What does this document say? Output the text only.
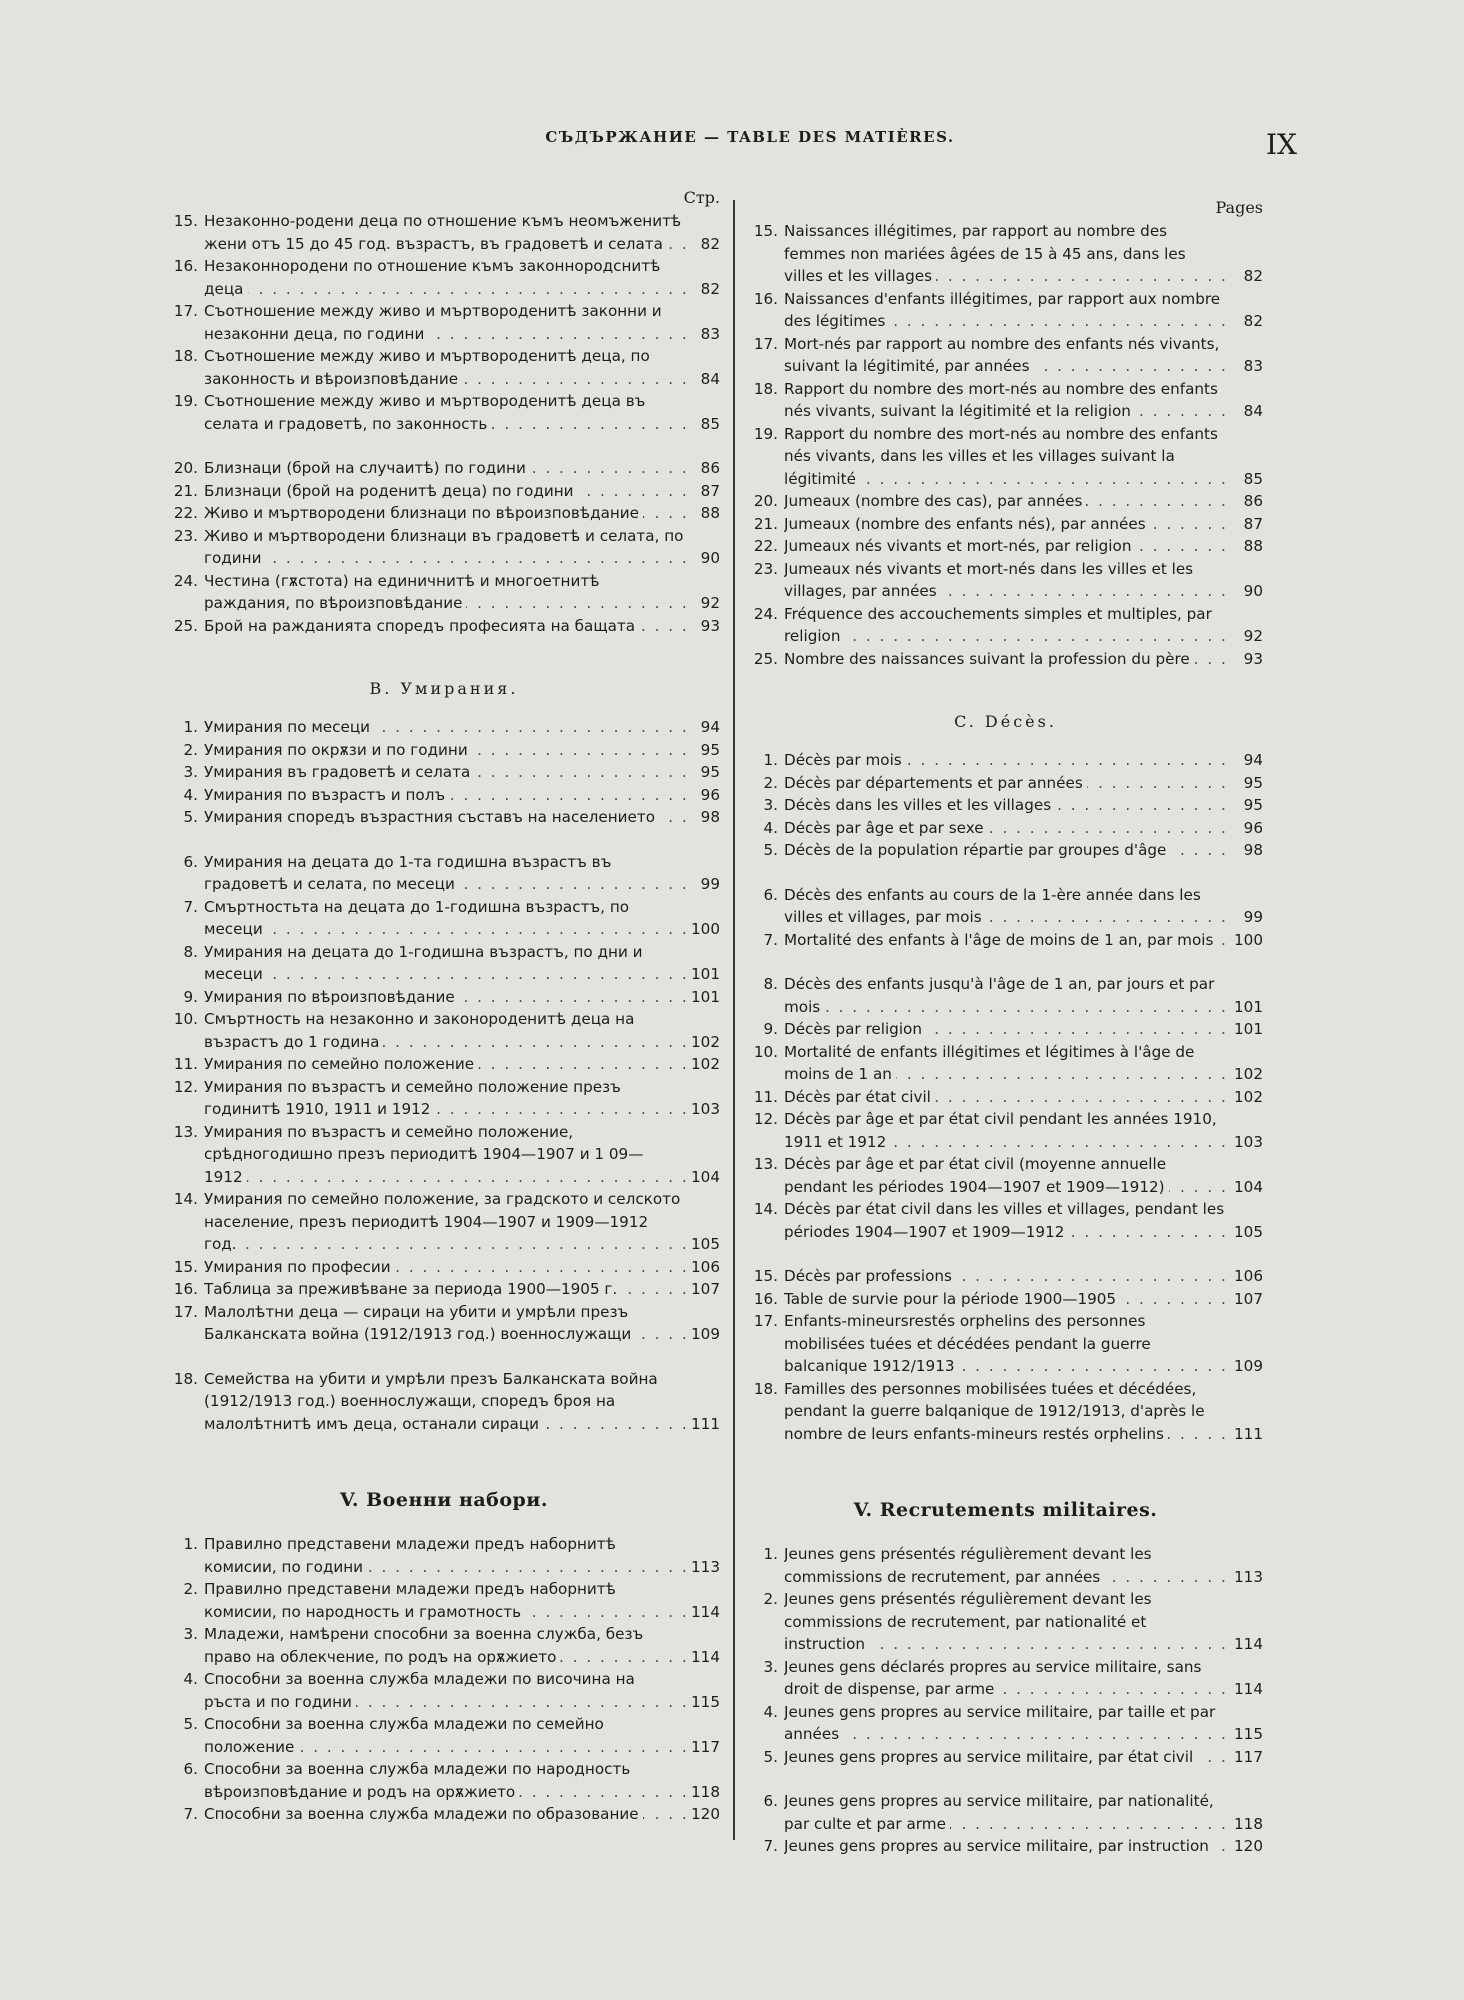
СЪДЪРЖАНИЕ — TABLE DES MATIÈRES.	IX
Стр.
15. Незаконно-родени деца по отношение къмъ неомъженитѣ жени отъ 15 до 45 год. възрастъ, въ градоветѣ и селата . . .	82
16. Незаконнородени по отношение къмъ законнородснитѣ деца . . .	82
17. Съотношение между живо и мъртвороденитѣ законни и незаконни деца, по години . . .	83
18. Съотношение между живо и мъртвороденитѣ деца, по законность и вѣроизповѣдание . . .	84
19. Съотношение между живо и мъртвороденитѣ деца въ селата и градоветѣ, по законность . . .	85
20. Близнаци (брой на случаитѣ) по години . . .	86
21. Близнаци (брой на роденитѣ деца) по години . . .	87
22. Живо и мъртвородени близнаци по вѣроизповѣдание . . .	88
23. Живо и мъртвородени близнаци въ градоветѣ и селата, по години . . .	90
24. Честина (гѫстота) на единичнитѣ и многоетнитѣ раждания, по вѣроизповѣдание . . .	92
25. Брой на ражданията споредъ професията на бащата . . .	93
В. Умирания.
1. Умирания по месеци . . .	94
2. Умирания по окрѫзи и по години . . .	95
3. Умирания въ градоветѣ и селата . . .	95
4. Умирания по възрастъ и полъ . . .	96
5. Умирания споредъ възрастния съставъ на населението . . .	98
6. Умирания на децата до 1-та годишна възрастъ въ градоветѣ и селата, по месеци . . .	99
7. Смъртностьта на децата до 1-годишна възрастъ, по месеци . . .	100
8. Умирания на децата до 1-годишна възрастъ, по дни и месеци . . .	101
9. Умирания по вѣроизповѣдание . . .	101
10. Смъртность на незаконно и законороденитѣ деца на възрастъ до 1 година . . .	102
11. Умирания по семейно положение . . .	102
12. Умирания по възрастъ и семейно положение презъ годинитѣ 1910, 1911 и 1912 . . .	103
13. Умирания по възрастъ и семейно положение, срѣдногодишно презъ периодитѣ 1904—1907 и 1 09—1912 . . .	104
14. Умирания по семейно положение, за градското и селското население, презъ периодитѣ 1904—1907 и 1909—1912 год. . . .	105
15. Умирания по професии . . .	106
16. Таблица за преживѣване за периода 1900—1905 г. . . .	107
17. Малолѣтни деца — сираци на убити и умрѣли презъ Балканската война (1912/1913 год.) военнослужащи . . .	109
18. Семейства на убити и умрѣли презъ Балканската война (1912/1913 год.) военнослужащи, споредъ броя на малолѣтнитѣ имъ деца, останали сираци . . .	111
V. Военни набори.
1. Правилно представени младежи предъ наборнитѣ комисии, по години . . .	113
2. Правилно представени младежи предъ наборнитѣ комисии, по народность и грамотность . . .	114
3. Младежи, намѣрени способни за военна служба, безъ право на облекчение, по родъ на орѫжието . . .	114
4. Способни за военна служба младежи по височина на ръста и по години . . .	115
5. Способни за военна служба младежи по семейно положение . . .	117
6. Способни за военна служба младежи по народность вѣроизповѣдание и родъ на орѫжието . . .	118
7. Способни за военна служба младежи по образование . . .	120
Pages
15. Naissances illégitimes, par rapport au nombre des femmes non mariées âgées de 15 à 45 ans, dans les villes et les villages . . .	82
16. Naissances d'enfants illégitimes, par rapport aux nombre des légitimes . . .	82
17. Mort-nés par rapport au nombre des enfants nés vivants, suivant la légitimité, par années . . .	83
18. Rapport du nombre des mort-nés au nombre des enfants nés vivants, suivant la légitimité et la religion . . .	84
19. Rapport du nombre des mort-nés au nombre des enfants nés vivants, dans les villes et les villages suivant la légitimité . . .	85
20. Jumeaux (nombre des cas), par années . . .	86
21. Jumeaux (nombre des enfants nés), par années . . .	87
22. Jumeaux nés vivants et mort-nés, par religion . . .	88
23. Jumeaux nés vivants et mort-nés dans les villes et les villages, par années . . .	90
24. Fréquence des accouchements simples et multiples, par religion . . .	92
25. Nombre des naissances suivant la profession du père . . .	93
C. Décès.
1. Décès par mois . . .	94
2. Décès par départements et par années . . .	95
3. Décès dans les villes et les villages . . .	95
4. Décès par âge et par sexe . . .	96
5. Décès de la population répartie par groupes d'âge . . .	98
6. Décès des enfants au cours de la 1-ère année dans les villes et villages, par mois . . .	99
7. Mortalité des enfants à l'âge de moins de 1 an, par mois . . .	100
8. Décès des enfants jusqu'à l'âge de 1 an, par jours et par mois . . .	101
9. Décès par religion . . .	101
10. Mortalité de enfants illégitimes et légitimes à l'âge de moins de 1 an . . .	102
11. Décès par état civil . . .	102
12. Décès par âge et par état civil pendant les années 1910, 1911 et 1912 . . .	103
13. Décès par âge et par état civil (moyenne annuelle pendant les périodes 1904—1907 et 1909—1912) . . .	104
14. Décès par état civil dans les villes et villages, pendant les périodes 1904—1907 et 1909—1912 . . .	105
15. Décès par professions . . .	106
16. Table de survie pour la période 1900—1905 . . .	107
17. Enfants-mineursrestés orphelins des personnes mobilisées tuées et décédées pendant la guerre balcanique 1912/1913 . . .	109
18. Familles des personnes mobilisées tuées et décédées, pendant la guerre balqanique de 1912/1913, d'après le nombre de leurs enfants-mineurs restés orphelins . . .	111
V. Recrutements militaires.
1. Jeunes gens présentés régulièrement devant les commissions de recrutement, par années . . .	113
2. Jeunes gens présentés régulièrement devant les commissions de recrutement, par nationalité et instruction . . .	114
3. Jeunes gens déclarés propres au service militaire, sans droit de dispense, par arme . . .	114
4. Jeunes gens propres au service militaire, par taille et par années . . .	115
5. Jeunes gens propres au service militaire, par état civil . . .	117
6. Jeunes gens propres au service militaire, par nationalité, par culte et par arme . . .	118
7. Jeunes gens propres au service militaire, par instruction . . .	120
